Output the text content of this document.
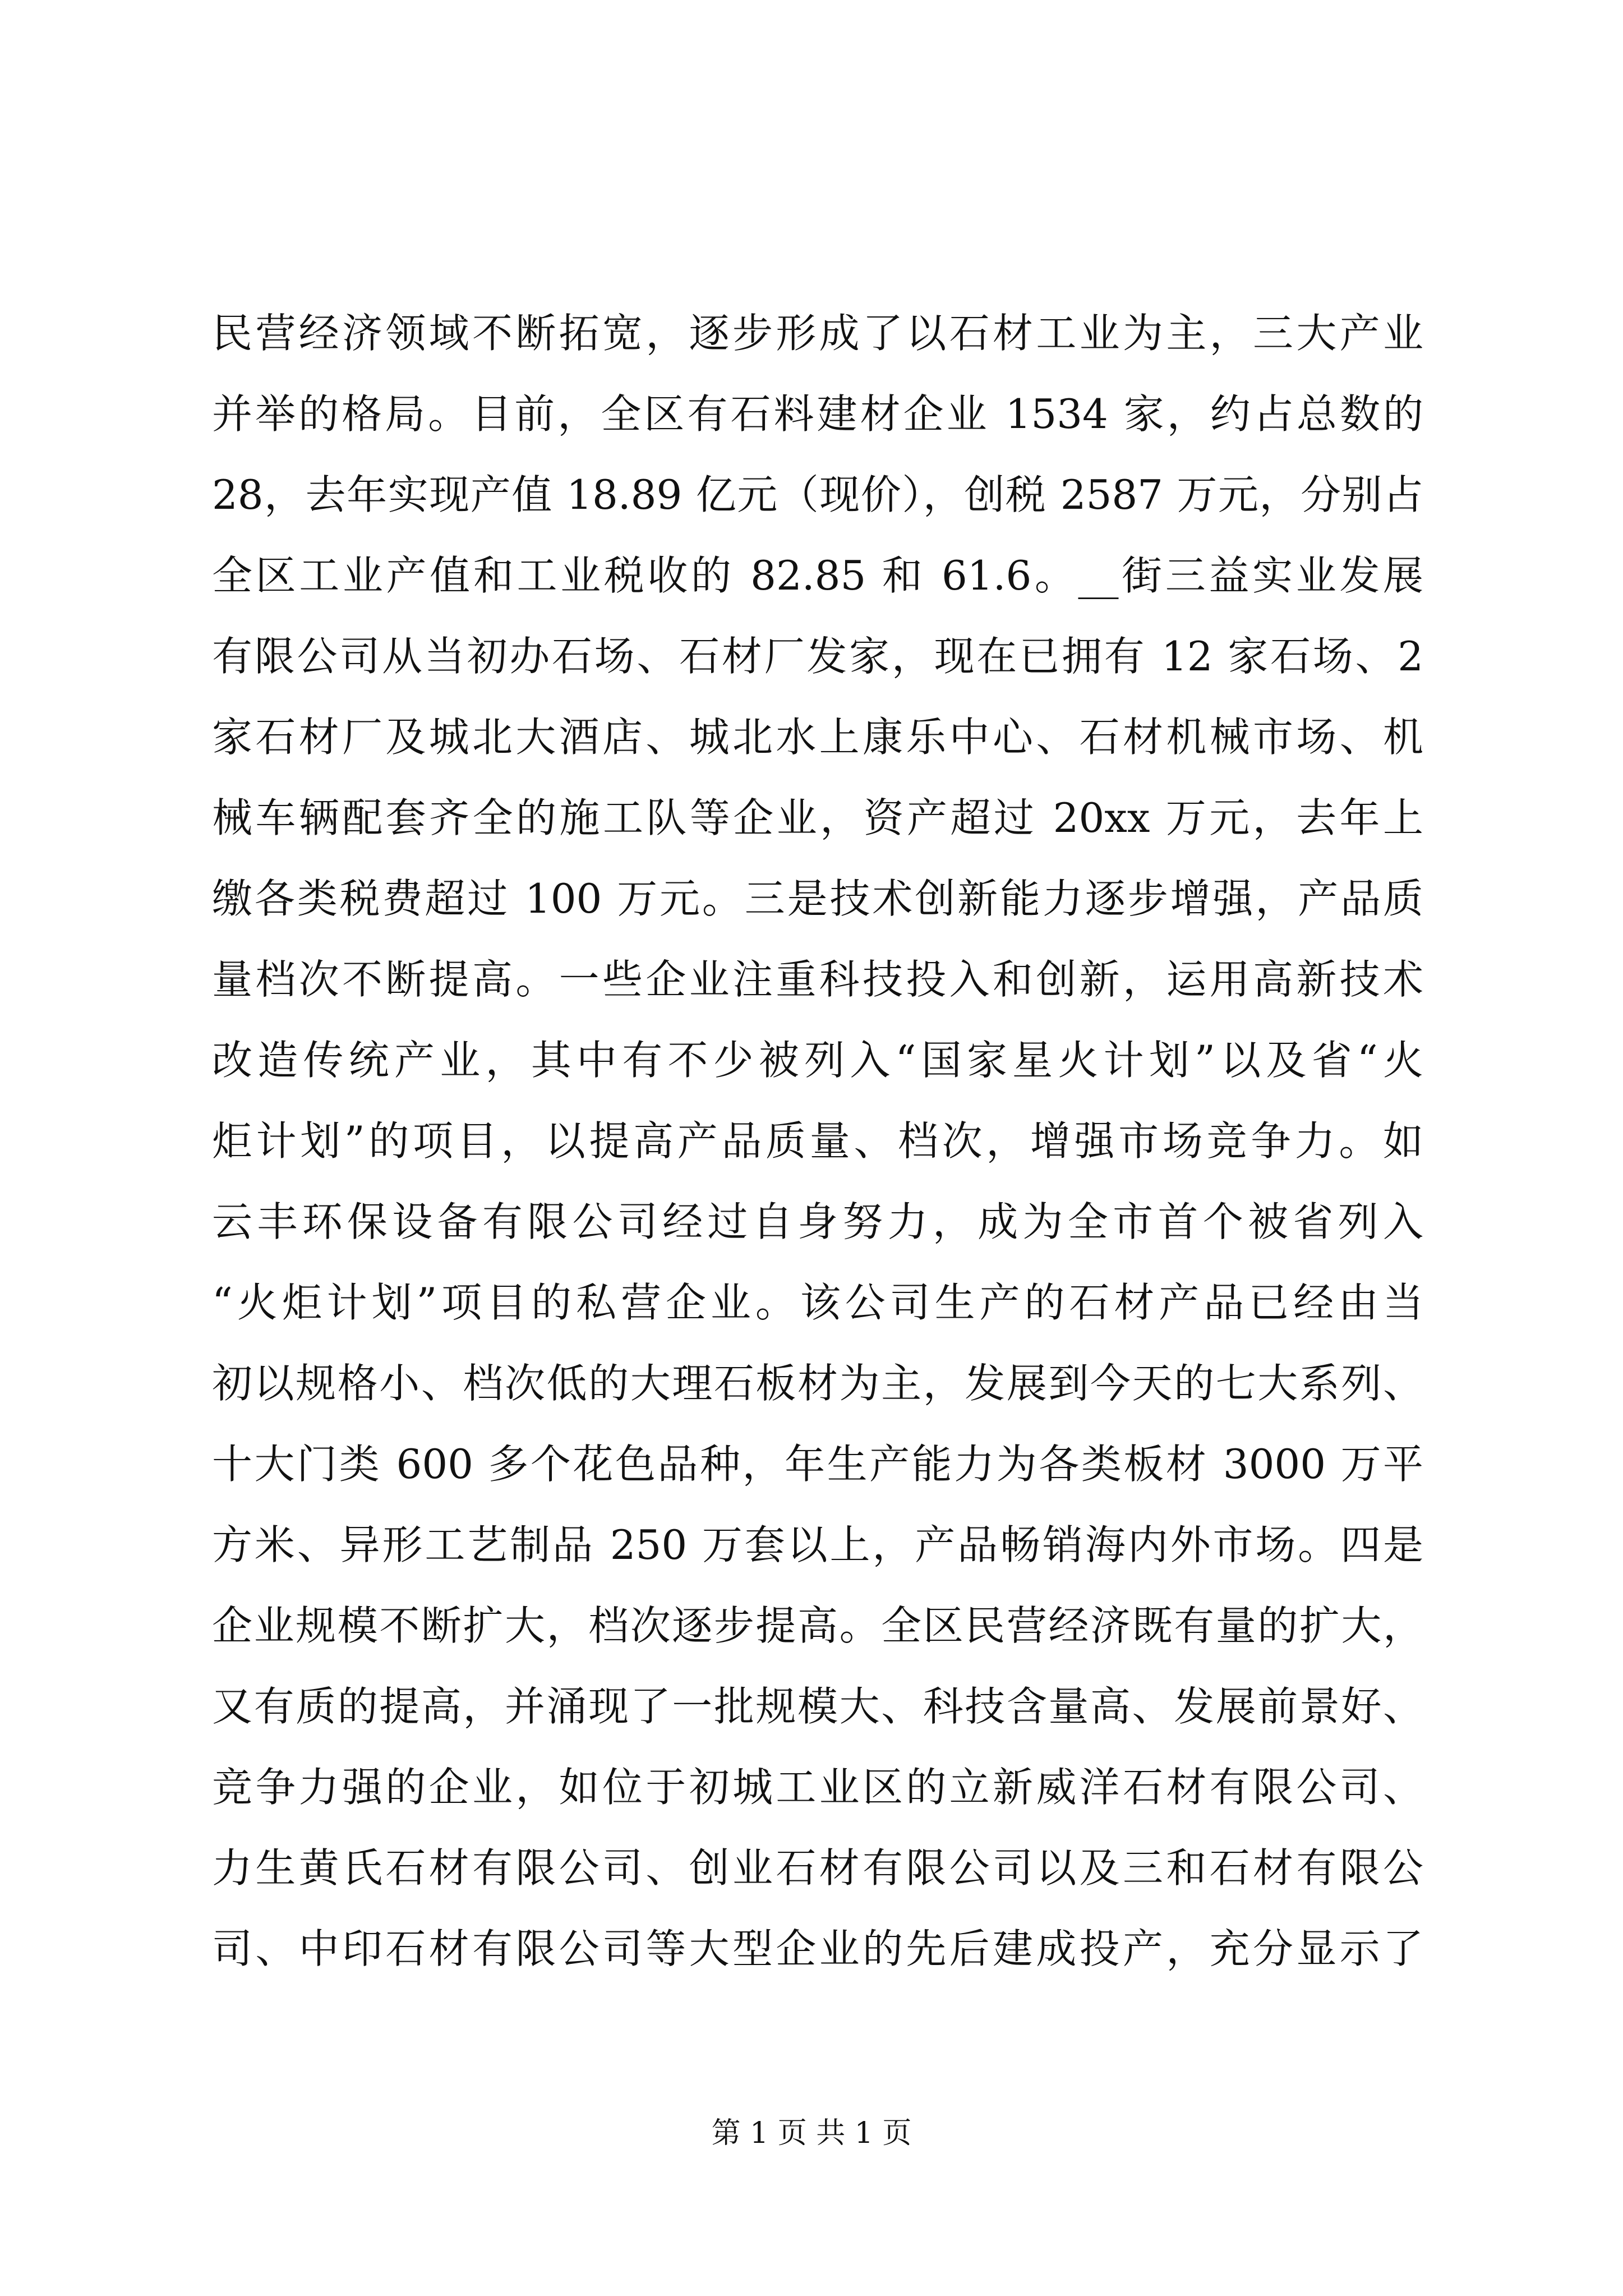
民营经济领域不断拓宽，逐步形成了以石材工业为主，三大产业
并举的格局。目前，全区有石料建材企业 1534 家，约占总数的
28，去年实现产值 18.89 亿元（现价），创税 2587 万元，分别占
全区工业产值和工业税收的 82.85 和 61.6。__街三益实业发展
有限公司从当初办石场、石材厂发家，现在已拥有 12 家石场、2
家石材厂及城北大酒店、城北水上康乐中心、石材机械市场、机
械车辆配套齐全的施工队等企业，资产超过 20xx 万元，去年上
缴各类税费超过 100 万元。三是技术创新能力逐步增强，产品质
量档次不断提高。一些企业注重科技投入和创新，运用高新技术
改造传统产业，其中有不少被列入“国家星火计划”以及省“火
炬计划”的项目，以提高产品质量、档次，增强市场竞争力。如
云丰环保设备有限公司经过自身努力，成为全市首个被省列入
“火炬计划”项目的私营企业。该公司生产的石材产品已经由当
初以规格小、档次低的大理石板材为主，发展到今天的七大系列、
十大门类 600 多个花色品种，年生产能力为各类板材 3000 万平
方米、异形工艺制品 250 万套以上，产品畅销海内外市场。四是
企业规模不断扩大，档次逐步提高。全区民营经济既有量的扩大，
又有质的提高，并涌现了一批规模大、科技含量高、发展前景好、
竞争力强的企业，如位于初城工业区的立新威洋石材有限公司、
力生黄氏石材有限公司、创业石材有限公司以及三和石材有限公
司、中印石材有限公司等大型企业的先后建成投产，充分显示了
第 1 页 共 1 页
